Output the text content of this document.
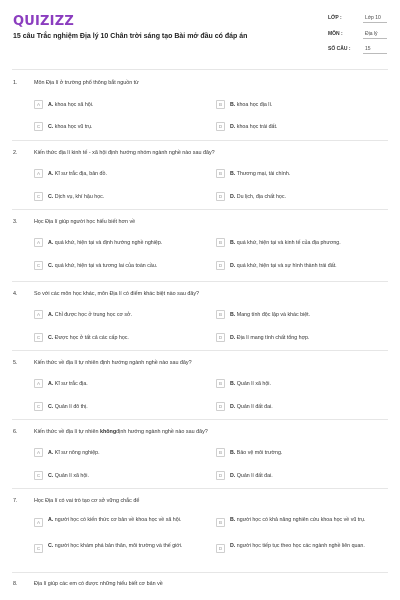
QUIZIZZ
15 câu Trắc nghiệm Địa lý 10 Chân trời sáng tạo Bài mở đầu có đáp án
LỚP :	Lớp 10
MÔN :	Địa lý
SỐ CÂU :	15
1.	Môn Địa lí ở trường phổ thông bắt nguồn từ
A	A. khoa học xã hội.	B	B. khoa học địa lí.
C	C. khoa học vũ trụ.	D	D. khoa học trái đất.
2.	Kiến thức địa lí kinh tế - xã hội định hướng nhóm ngành nghề nào sau đây?
A	A. Kĩ sư trắc địa, bản đồ.	B	B. Thương mại, tài chính.
C	C. Dịch vụ, khí hậu học.	D	D. Du lịch, địa chất học.
3.	Học Địa lí giúp người học hiểu biết hơn về
A	A. quá khứ, hiện tại và định hướng nghề nghiệp.	B	B. quá khứ, hiện tại và kinh tế của địa phương.
C	C. quá khứ, hiện tại và tương lai của toàn cầu.	D	D. quá khứ, hiện tại và sự hình thành trái đất.
4.	So với các môn học khác, môn Địa lí có điểm khác biệt nào sau đây?
A	A. Chỉ được học ở trung học cơ sở.	B	B. Mang tính độc lập và khác biệt.
C	C. Được học ở tất cả các cấp học.	D	D. Địa lí mang tính chất tổng hợp.
5.	Kiến thức về địa lí tự nhiên định hướng ngành nghề nào sau đây?
A	A. Kĩ sư trắc địa.	B	B. Quản lí xã hội.
C	C. Quản lí đô thị.	D	D. Quản lí đất đai.
6.	Kiến thức về địa lí tự nhiên khôngđịnh hướng ngành nghề nào sau đây?
A	A. Kĩ sư nông nghiệp.	B	B. Bảo vệ môi trường.
C	C. Quản lí xã hội.	D	D. Quản lí đất đai.
7.	Học Địa lí có vai trò tạo cơ sở vững chắc để
A	A. người học có kiến thức cơ bản về khoa học về xã hội.	B	B. người học có khả năng nghiên cứu khoa học về vũ trụ.
C	C. người học khám phá bản thân, môi trường và thế giới.	D	D. người học tiếp tục theo học các ngành nghề liên quan.
8.	Địa lí giúp các em có được những hiểu biết cơ bản về
